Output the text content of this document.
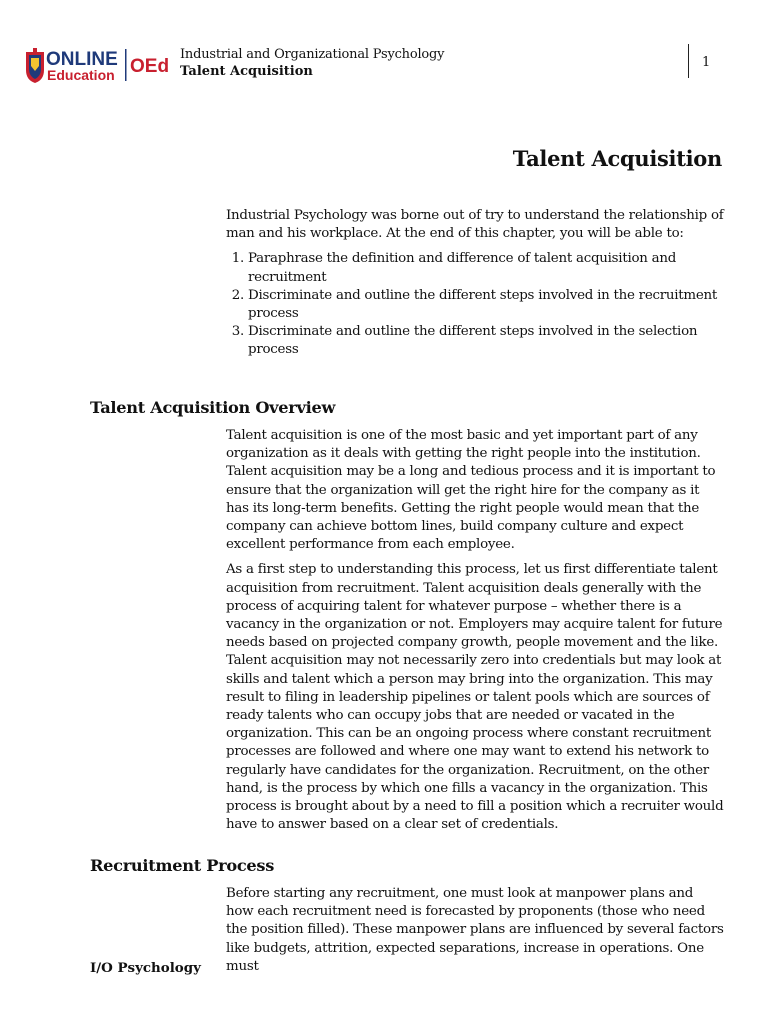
ONLINE
Education OEd
Industrial and Organizational Psychology
Talent Acquisition
1
Talent Acquisition

Industrial Psychology was borne out of try to understand the relationship of man and his workplace. At the end of this chapter, you will be able to:

1. Paraphrase the definition and difference of talent acquisition and recruitment
2. Discriminate and outline the different steps involved in the recruitment process
3. Discriminate and outline the different steps involved in the selection process
Talent Acquisition Overview

Talent acquisition is one of the most basic and yet important part of any organization as it deals with getting the right people into the institution. Talent acquisition may be a long and tedious process and it is important to ensure that the organization will get the right hire for the company as it has its long-term benefits. Getting the right people would mean that the company can achieve bottom lines, build company culture and expect excellent performance from each employee.

As a first step to understanding this process, let us first differentiate talent acquisition from recruitment. Talent acquisition deals generally with the process of acquiring talent for whatever purpose – whether there is a vacancy in the organization or not. Employers may acquire talent for future needs based on projected company growth, people movement and the like. Talent acquisition may not necessarily zero into credentials but may look at skills and talent which a person may bring into the organization. This may result to filing in leadership pipelines or talent pools which are sources of ready talents who can occupy jobs that are needed or vacated in the organization. This can be an ongoing process where constant recruitment processes are followed and where one may want to extend his network to regularly have candidates for the organization. Recruitment, on the other hand, is the process by which one fills a vacancy in the organization. This process is brought about by a need to fill a position which a recruiter would have to answer based on a clear set of credentials.

Recruitment Process

Before starting any recruitment, one must look at manpower plans and how each recruitment need is forecasted by proponents (those who need the position filled). These manpower plans are influenced by several factors like budgets, attrition, expected separations, increase in operations. One must

I/O Psychology
